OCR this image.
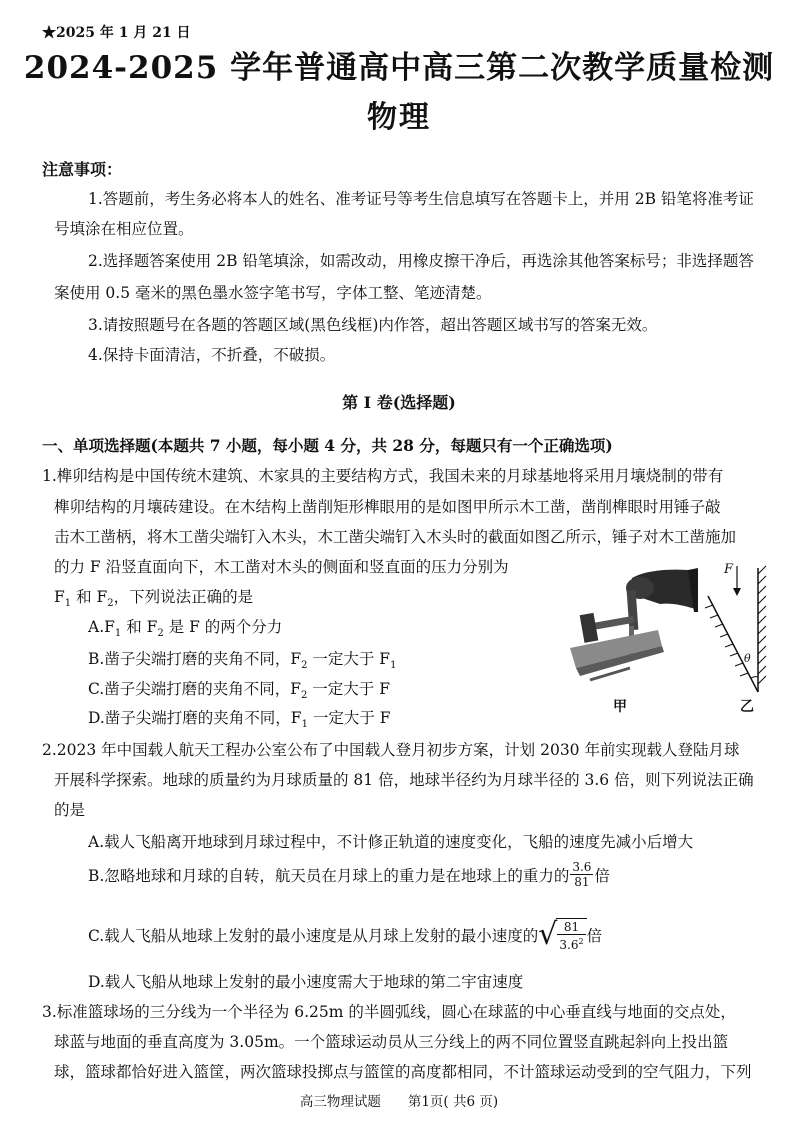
★2025 年 1 月 21 日
2024-2025 学年普通高中高三第二次教学质量检测
物理
注意事项：
1.答题前，考生务必将本人的姓名、准考证号等考生信息填写在答题卡上，并用 2B 铅笔将准考证
号填涂在相应位置。
2.选择题答案使用 2B 铅笔填涂，如需改动，用橡皮擦干净后，再选涂其他答案标号；非选择题答
案使用 0.5 毫米的黑色墨水签字笔书写，字体工整、笔迹清楚。
3.请按照题号在各题的答题区域(黑色线框)内作答，超出答题区域书写的答案无效。
4.保持卡面清洁，不折叠，不破损。
第 I 卷(选择题)
一、单项选择题(本题共 7 小题，每小题 4 分，共 28 分，每题只有一个正确选项)
1.榫卯结构是中国传统木建筑、木家具的主要结构方式，我国未来的月球基地将采用月壤烧制的带有
榫卯结构的月壤砖建设。在木结构上凿削矩形榫眼用的是如图甲所示木工凿，凿削榫眼时用锤子敲
击木工凿柄，将木工凿尖端钉入木头，木工凿尖端钉入木头时的截面如图乙所示，锤子对木工凿施加
的力 F 沿竖直面向下，木工凿对木头的侧面和竖直面的压力分别为
$F_1$ 和 $F_2$，下列说法正确的是
$A.F_1$ 和 $F_2$ 是 F 的两个分力
B.凿子尖端打磨的夹角不同，$F_2$ 一定大于 $F_1$
C.凿子尖端打磨的夹角不同，$F_2$ 一定大于 F
D.凿子尖端打磨的夹角不同，$F_1$ 一定大于 F
甲
F
θ
乙
2.2023 年中国载人航天工程办公室公布了中国载人登月初步方案，计划 2030 年前实现载人登陆月球
开展科学探索。地球的质量约为月球质量的 81 倍，地球半径约为月球半径的 3.6 倍，则下列说法正确
的是
A.载人飞船离开地球到月球过程中，不计修正轨道的速度变化，飞船的速度先减小后增大
B.忽略地球和月球的自转，航天员在月球上的重力是在地球上的重力的 $\frac{3.6}{81}$ 倍
C.载人飞船从地球上发射的最小速度是从月球上发射的最小速度的 √ $\frac{81}{3.6^2}$ 倍
D.载人飞船从地球上发射的最小速度需大于地球的第二宇宙速度
3.标准篮球场的三分线为一个半径为 6.25m 的半圆弧线，圆心在球蓝的中心垂直线与地面的交点处，
球蓝与地面的垂直高度为 3.05m。一个篮球运动员从三分线上的两不同位置竖直跳起斜向上投出篮
球，篮球都恰好进入篮筐，两次篮球投掷点与篮筐的高度都相同，不计篮球运动受到的空气阻力，下列
高三物理试题　　第1页( 共6 页)
